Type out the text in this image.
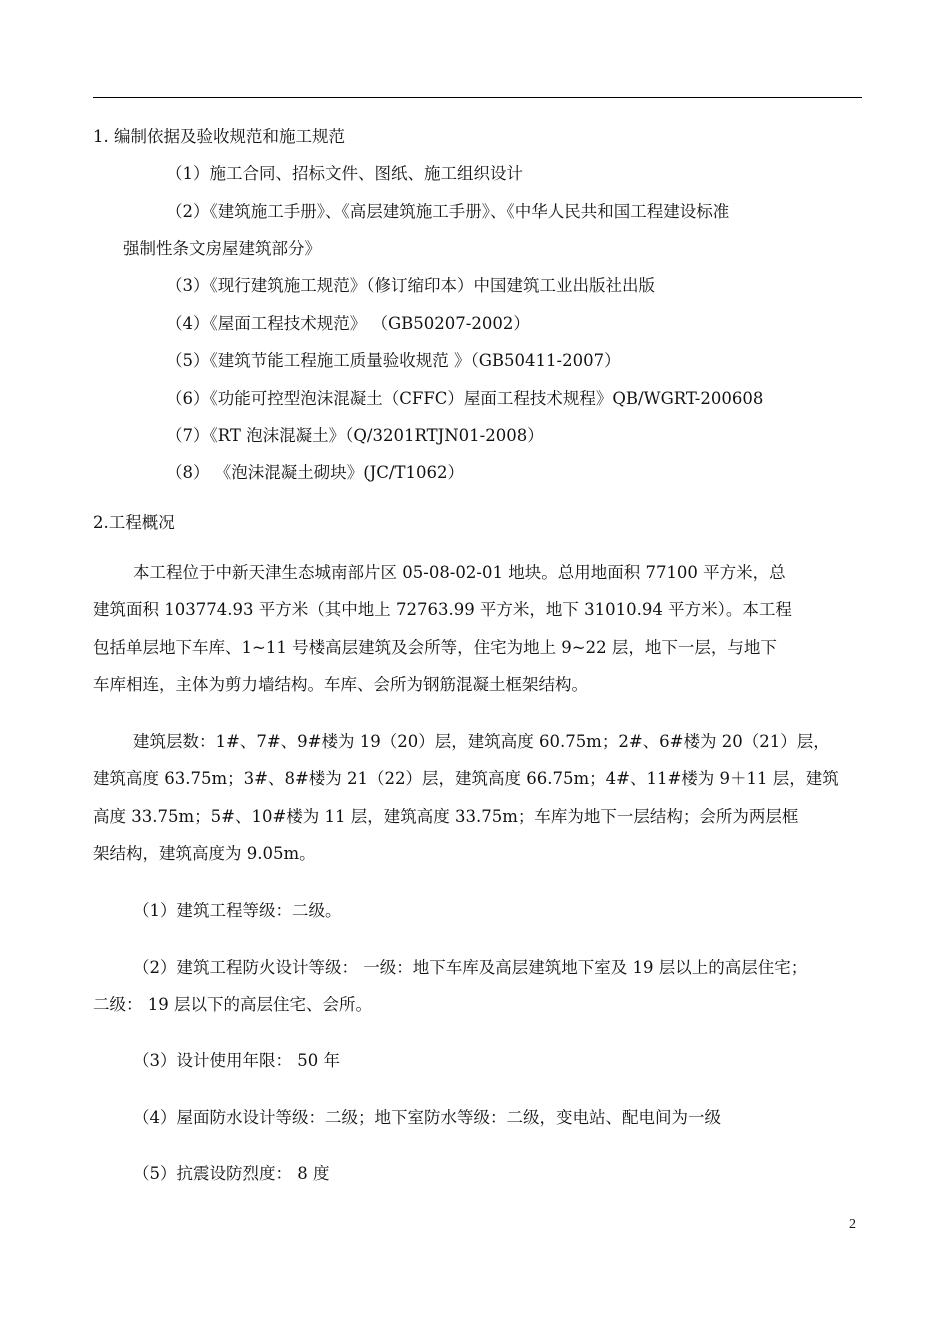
1. 编制依据及验收规范和施工规范
（1）施工合同、招标文件、图纸、施工组织设计
（2）《建筑施工手册》、《高层建筑施工手册》、《中华人民共和国工程建设标准
强制性条文房屋建筑部分》
（3）《现行建筑施工规范》（修订缩印本）中国建筑工业出版社出版
（4）《屋面工程技术规范》 （GB50207-2002）
（5）《建筑节能工程施工质量验收规范 》（GB50411-2007）
（6）《功能可控型泡沫混凝土（CFFC）屋面工程技术规程》QB/WGRT-200608
（7）《RT 泡沫混凝土》（Q/3201RTJN01-2008）
（8） 《泡沫混凝土砌块》(JC/T1062）
2.工程概况
本工程位于中新天津生态城南部片区 05-08-02-01 地块。总用地面积 77100 平方米，总
建筑面积 103774.93 平方米（其中地上 72763.99 平方米，地下 31010.94 平方米）。本工程
包括单层地下车库、1~11 号楼高层建筑及会所等，住宅为地上 9~22 层，地下一层，与地下
车库相连，主体为剪力墙结构。车库、会所为钢筋混凝土框架结构。
建筑层数：1#、7#、9#楼为 19（20）层，建筑高度 60.75m；2#、6#楼为 20（21）层，
建筑高度 63.75m；3#、8#楼为 21（22）层，建筑高度 66.75m；4#、11#楼为 9＋11 层，建筑
高度 33.75m；5#、10#楼为 11 层，建筑高度 33.75m；车库为地下一层结构；会所为两层框
架结构，建筑高度为 9.05m。
（1）建筑工程等级：二级。
（2）建筑工程防火设计等级： 一级：地下车库及高层建筑地下室及 19 层以上的高层住宅；
二级： 19 层以下的高层住宅、会所。
（3）设计使用年限： 50 年
（4）屋面防水设计等级：二级；地下室防水等级：二级，变电站、配电间为一级
（5）抗震设防烈度： 8 度
2
